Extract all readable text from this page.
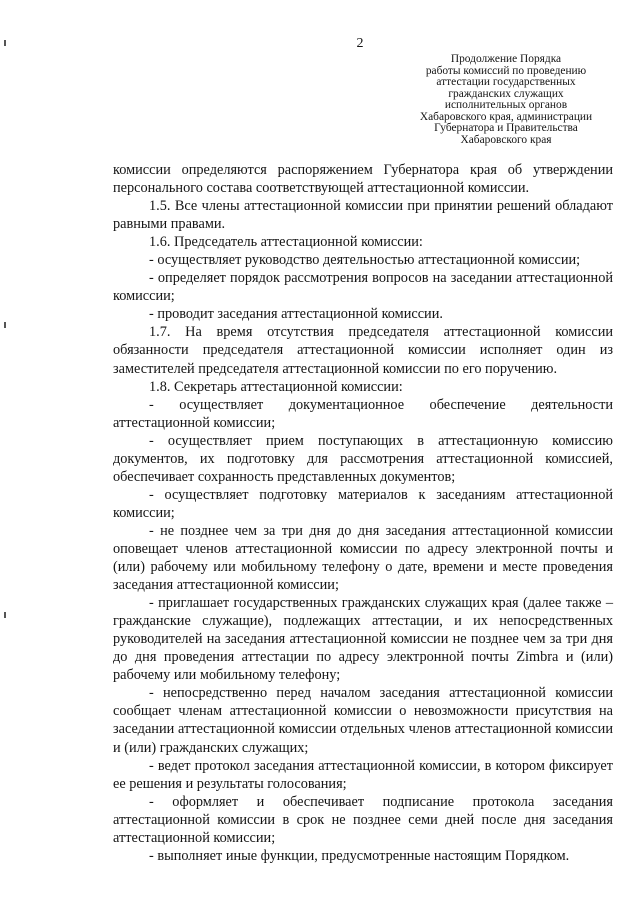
2
Продолжение Порядка
работы комиссий по проведению
аттестации государственных
гражданских служащих
исполнительных органов
Хабаровского края, администрации
Губернатора и Правительства
Хабаровского края

комиссии определяются распоряжением Губернатора края об утверждении персонального состава соответствующей аттестационной комиссии.

1.5. Все члены аттестационной комиссии при принятии решений обладают равными правами.

1.6. Председатель аттестационной комиссии:

- осуществляет руководство деятельностью аттестационной комиссии;

- определяет порядок рассмотрения вопросов на заседании аттестационной комиссии;

- проводит заседания аттестационной комиссии.

1.7. На время отсутствия председателя аттестационной комиссии обязанности председателя аттестационной комиссии исполняет один из заместителей председателя аттестационной комиссии по его поручению.

1.8. Секретарь аттестационной комиссии:

- осуществляет документационное обеспечение деятельности аттестационной комиссии;

- осуществляет прием поступающих в аттестационную комиссию документов, их подготовку для рассмотрения аттестационной комиссией, обеспечивает сохранность представленных документов;

- осуществляет подготовку материалов к заседаниям аттестационной комиссии;

- не позднее чем за три дня до дня заседания аттестационной комиссии оповещает членов аттестационной комиссии по адресу электронной почты и (или) рабочему или мобильному телефону о дате, времени и месте проведения заседания аттестационной комиссии;

- приглашает государственных гражданских служащих края (далее также – гражданские служащие), подлежащих аттестации, и их непосредственных руководителей на заседания аттестационной комиссии не позднее чем за три дня до дня проведения аттестации по адресу электронной почты Zimbra и (или) рабочему или мобильному телефону;

- непосредственно перед началом заседания аттестационной комиссии сообщает членам аттестационной комиссии о невозможности присутствия на заседании аттестационной комиссии отдельных членов аттестационной комиссии и (или) гражданских служащих;

- ведет протокол заседания аттестационной комиссии, в котором фиксирует ее решения и результаты голосования;

- оформляет и обеспечивает подписание протокола заседания аттестационной комиссии в срок не позднее семи дней после дня заседания аттестационной комиссии;

- выполняет иные функции, предусмотренные настоящим Порядком.
